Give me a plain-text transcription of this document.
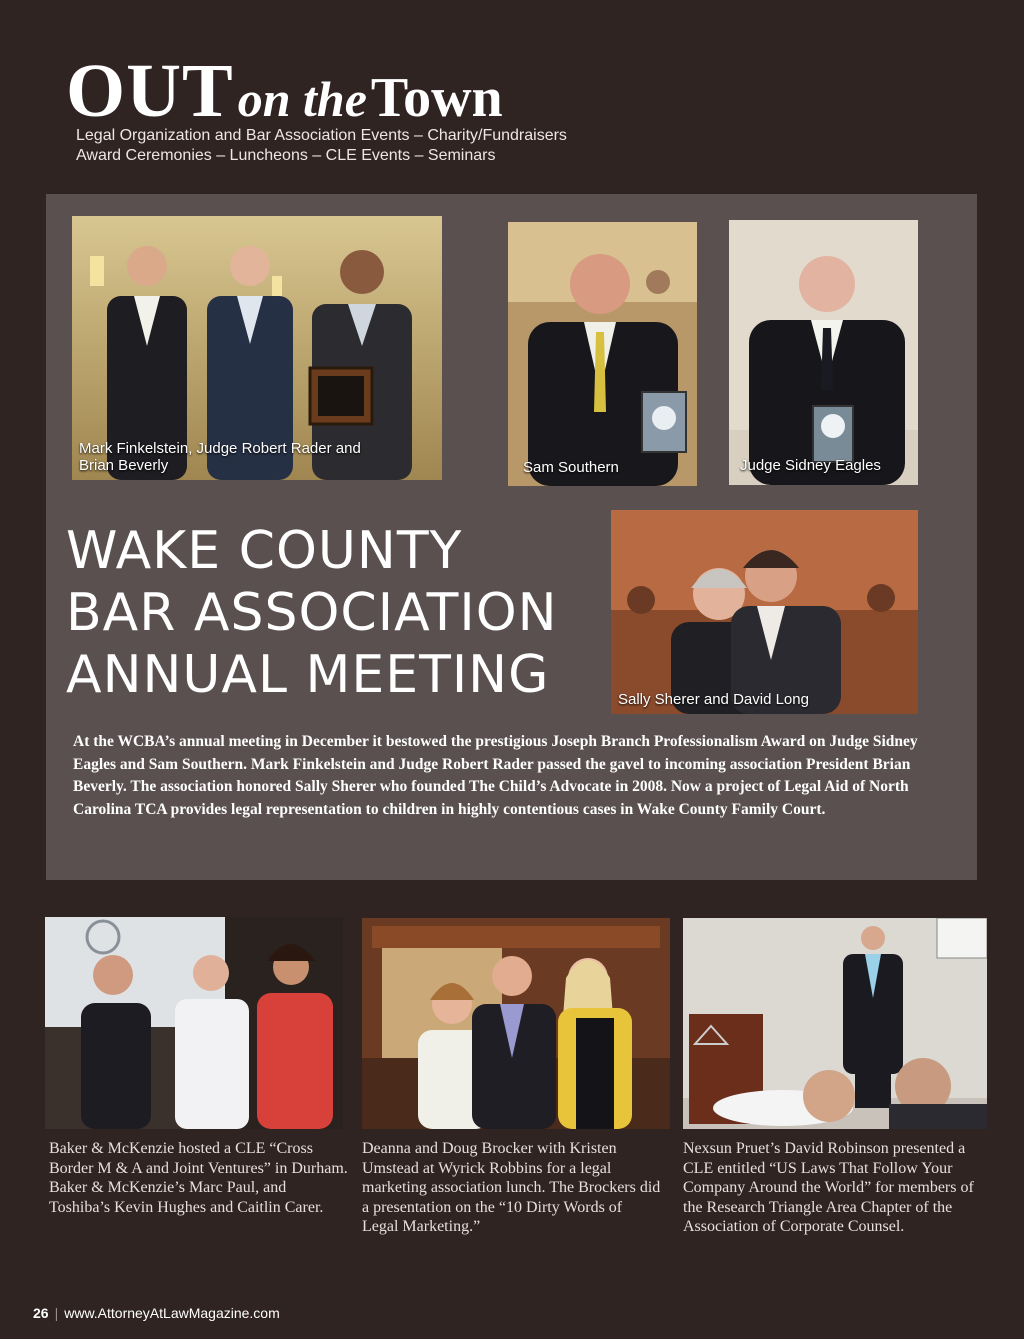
OUT on the Town
Legal Organization and Bar Association Events – Charity/Fundraisers
Award Ceremonies – Luncheons – CLE Events – Seminars
Mark Finkelstein, Judge Robert Rader and
Brian Beverly	Sam Southern	Judge Sidney Eagles
WAKE COUNTY
BAR ASSOCIATION
ANNUAL MEETING	Sally Sherer and David Long
At the WCBA’s annual meeting in December it bestowed the prestigious Joseph Branch Professionalism Award on Judge Sidney Eagles and Sam Southern. Mark Finkelstein and Judge Robert Rader passed the gavel to incoming association President Brian Beverly. The association honored Sally Sherer who founded The Child’s Advocate in 2008. Now a project of Legal Aid of North Carolina TCA provides legal representation to children in highly contentious cases in Wake County Family Court.
Baker & McKenzie hosted a CLE “Cross Border M & A and Joint Ventures” in Durham. Baker & McKenzie’s Marc Paul, and Toshiba’s Kevin Hughes and Caitlin Carer.
Deanna and Doug Brocker with Kristen Umstead at Wyrick Robbins for a legal marketing association lunch. The Brockers did a presentation on the “10 Dirty Words of Legal Marketing.”
Nexsun Pruet’s David Robinson presented a CLE entitled “US Laws That Follow Your Company Around the World” for members of the Research Triangle Area Chapter of the Association of Corporate Counsel.
26 | www.AttorneyAtLawMagazine.com
